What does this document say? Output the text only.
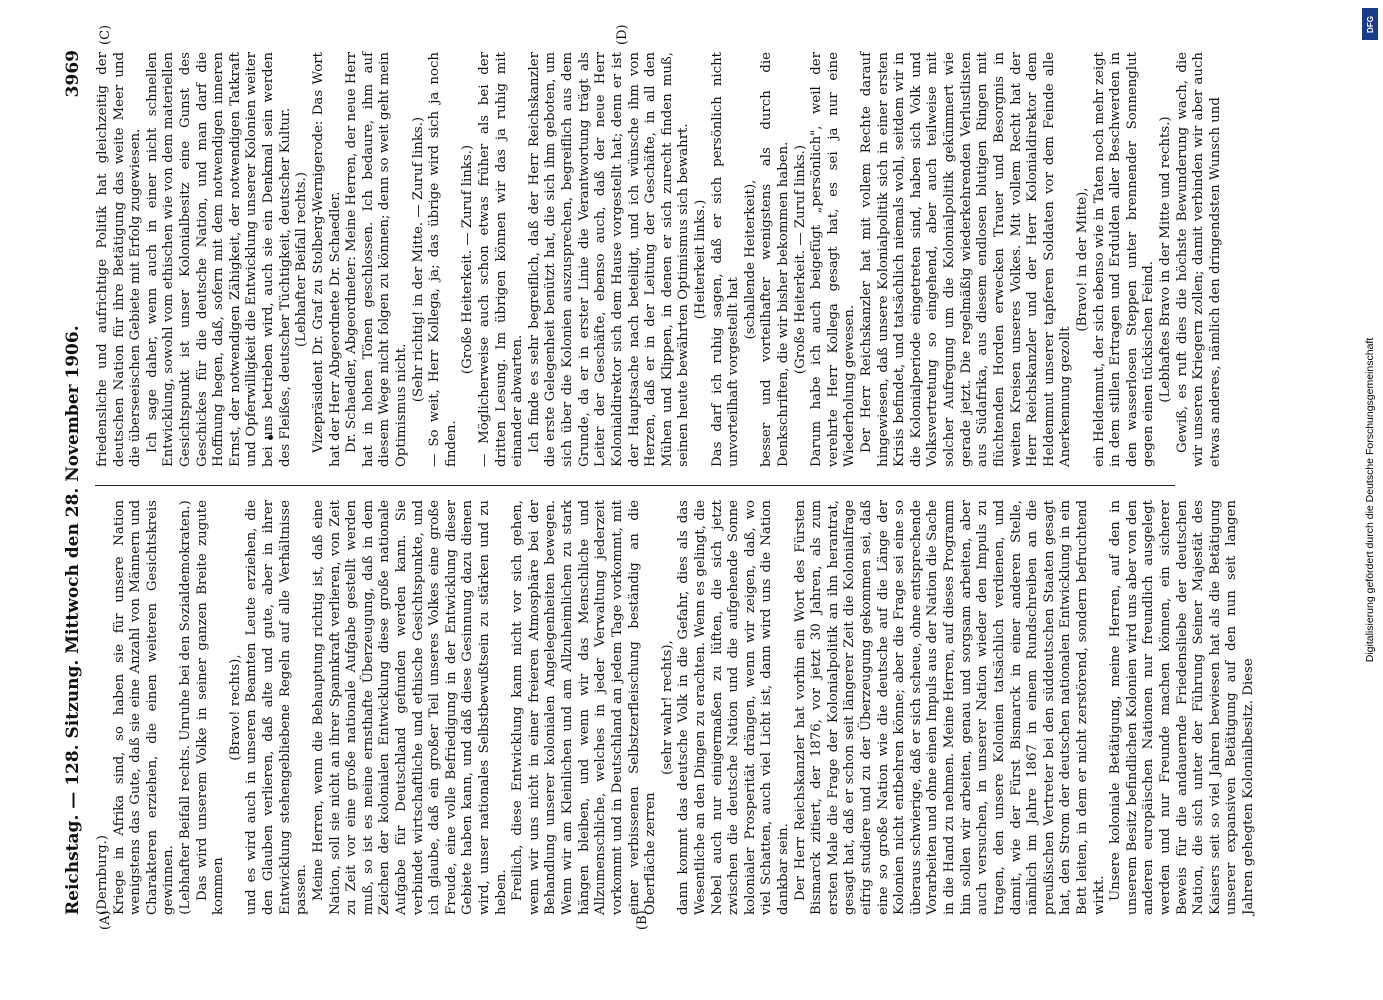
Reichstag. — 128. Sitzung. Mittwoch den 28. November 1906.
3969
(A)	(B)
(C)	(D)

(Dernburg.) Kriege in Afrika sind, so haben sie für unsere Nation wenigstens das Gute, daß sie eine Anzahl von Männern und Charakteren erziehen, die einen weiteren Gesichtskreis gewinnen. (Lebhafter Beifall rechts. Unruhe bei den Sozialdemokraten.) Das wird unserem Volke in seiner ganzen Breite zugute kommen

(Bravo! rechts), und es wird auch in unseren Beamten Leute erziehen, die den Glauben verlieren, daß alte und gute, aber in ihrer Entwicklung stehengebliebene Regeln auf alle Verhältnisse passen. Meine Herren, wenn die Behauptung richtig ist, daß eine Nation, soll sie nicht an ihrer Spannkraft verlieren, von Zeit zu Zeit vor eine große nationale Aufgabe gestellt werden muß, so ist es meine ernsthafte Überzeugung, daß in dem Zeichen der kolonialen Entwicklung diese große nationale Aufgabe für Deutschland gefunden werden kann. Sie verbindet wirtschaftliche und ethische Gesichtspunkte, und ich glaube, daß ein großer Teil unseres Volkes eine große Freude, eine volle Befriedigung in der Entwicklung dieser Gebiete haben kann, und daß diese Gesinnung dazu dienen wird, unser nationales Selbstbewußtsein zu stärken und zu heben. Freilich, diese Entwicklung kann nicht vor sich gehen, wenn wir uns nicht in einer freieren Atmosphäre bei der Behandlung unserer kolonialen Angelegenheiten bewegen. Wenn wir am Kleinlichen und am Allzuheimlichen zu stark hängen bleiben, und wenn wir das Menschliche und Allzumenschliche, welches in jeder Verwaltung jederzeit vorkommt und in Deutschland an jedem Tage vorkommt, mit einer verbissenen Selbstzerfleischung beständig an die Oberfläche zerren

(sehr wahr! rechts), dann kommt das deutsche Volk in die Gefahr, dies als das Wesentliche an den Dingen zu erachten. Wenn es gelingt, die Nebel auch nur einigermaßen zu lüften, die sich jetzt zwischen die deutsche Nation und die aufgehende Sonne kolonialer Prosperität drängen, wenn wir zeigen, daß, wo viel Schatten, auch viel Licht ist, dann wird uns die Nation dankbar sein. Der Herr Reichskanzler hat vorhin ein Wort des Fürsten Bismarck zitiert, der 1876, vor jetzt 30 Jahren, als zum ersten Male die Frage der Kolonialpolitik an ihn herantrat, gesagt hat, daß er schon seit längerer Zeit die Kolonialfrage eifrig studiere und zu der Überzeugung gekommen sei, daß eine so große Nation wie die deutsche auf die Länge der Kolonien nicht entbehren könne; aber die Frage sei eine so überaus schwierige, daß er sich scheue, ohne entsprechende Vorarbeiten und ohne einen Impuls aus der Nation die Sache in die Hand zu nehmen. Meine Herren, auf dieses Programm hin sollen wir arbeiten, genau und sorgsam arbeiten, aber auch versuchen, in unserer Nation wieder den Impuls zu tragen, den unsere Kolonien tatsächlich verdienen, und damit, wie der Fürst Bismarck in einer anderen Stelle, nämlich im Jahre 1867 in einem Rundschreiben an die preußischen Vertreter bei den süddeutschen Staaten gesagt hat, den Strom der deutschen nationalen Entwicklung in ein Bett leiten, in dem er nicht zerstörend, sondern befruchtend wirkt. Unsere koloniale Betätigung, meine Herren, auf den in unserem Besitz befindlichen Kolonien wird uns aber von den anderen europäischen Nationen nur freundlich ausgelegt werden und nur Freunde machen können, ein sicherer Beweis für die andauernde Friedensliebe der deutschen Nation, die sich unter der Führung Seiner Majestät des Kaisers seit so viel Jahren bewiesen hat als die Betätigung unserer expansiven Betätigung auf den nun seit langen Jahren gehegten Kolonialbesitz. Diese

friedensliche und aufrichtige Politik hat gleichzeitig der deutschen Nation für ihre Betätigung das weite Meer und die überseeischen Gebiete mit Erfolg zugewiesen. Ich sage daher, wenn auch in einer nicht schnellen Entwicklung, sowohl vom ethischen wie von dem materiellen Gesichtspunkt ist unser Kolonialbesitz eine Gunst des Geschickes für die deutsche Nation, und man darf die Hoffnung hegen, daß, sofern mit dem notwendigen inneren Ernst, der notwendigen Zähigkeit, der notwendigen Tatkraft und Opferwilligkeit die Entwicklung unserer Kolonien weiter bei uns betrieben wird, auch sie ein Denkmal sein werden des Fleißes, deutscher Tüchtigkeit, deutscher Kultur. (Lebhafter Beifall rechts.) Vizepräsident Dr. Graf zu Stolberg-Wernigerode: Das Wort hat der Herr Abgeordnete Dr. Schaedler. Dr. Schaedler, Abgeordneter: Meine Herren, der neue Herr hat in hohen Tönen geschlossen. Ich bedaure, ihm auf diesem Wege nicht folgen zu können; denn so weit geht mein Optimismus nicht.

(Sehr richtig! in der Mitte. — Zuruf links.) — So weit, Herr Kollega, ja; das übrige wird sich ja noch finden.

(Große Heiterkeit. — Zuruf links.) — Möglicherweise auch schon etwas früher als bei der dritten Lesung. Im übrigen können wir das ja ruhig mit einander abwarten. Ich finde es sehr begreiflich, daß der Herr Reichskanzler die erste Gelegenheit benützt hat, die sich ihm geboten, um sich über die Kolonien auszusprechen, begreiflich aus dem Grunde, da er in erster Linie die Verantwortung trägt als Leiter der Geschäfte, ebenso auch, daß der neue Herr Kolonialdirektor sich dem Hause vorgestellt hat; denn er ist der Hauptsache nach beteiligt, und ich wünsche ihm von Herzen, daß er in der Leitung der Geschäfte, in all den Mühen und Klippen, in denen er sich zurecht finden muß, seinen heute bewährten Optimismus sich bewahrt. (Heiterkeit links.) Das darf ich ruhig sagen, daß er sich persönlich nicht unvorteilhaft vorgestellt hat

(schallende Heiterkeit), besser und vorteilhafter wenigstens als durch die Denkschriften, die wir bisher bekommen haben. (Große Heiterkeit. — Zuruf links.) Darum habe ich auch beigefügt „persönlich", weil der verehrte Herr Kollega gesagt hat, es sei ja nur eine Wiederholung gewesen. Der Herr Reichskanzler hat mit vollem Rechte darauf hingewiesen, daß unsere Kolonialpolitik sich in einer ersten Krisis befindet, und tatsächlich niemals wohl, seitdem wir in die Kolonialperiode eingetreten sind, haben sich Volk und Volksvertretung so eingehend, aber auch teilweise mit solcher Aufregung um die Kolonialpolitik gekümmert wie gerade jetzt. Die regelmäßig wiederkehrenden Verlustlisten aus Südafrika, aus diesem endlosen blutigen Ringen mit flüchtenden Horden erwecken Trauer und Besorgnis in weiten Kreisen unseres Volkes. Mit vollem Recht hat der Herr Reichskanzler und der Herr Kolonialdirektor dem Heldenmut unserer tapferen Soldaten vor dem Feinde alle Anerkennung gezollt

(Bravo! in der Mitte), ein Heldenmut, der sich ebenso wie in Taten noch mehr zeigt in dem stillen Ertragen und Erdulden aller Beschwerden in den wasserlosen Steppen unter brennender Sonnenglut gegen einen tückischen Feind. (Lebhaftes Bravo in der Mitte und rechts.) Gewiß, es ruft dies die höchste Bewunderung wach, die wir unseren Kriegern zollen; damit verbinden wir aber auch etwas anderes, nämlich den dringendsten Wunsch und

DFG
Digitalisierung gefördert durch die Deutsche Forschungsgemeinschaft
